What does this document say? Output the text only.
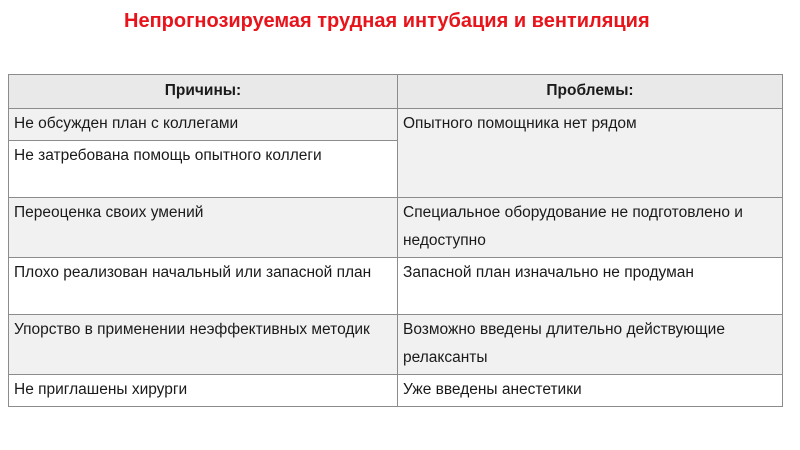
Непрогнозируемая трудная интубация и вентиляция
Причины:	Проблемы:
Не обсужден план с коллегами	Опытного помощника нет рядом
Не затребована помощь опытного коллеги	
Переоценка своих умений	Специальное оборудование не подготовлено и недоступно
Плохо реализован начальный или запасной план	Запасной план изначально не продуман
Упорство в применении неэффективных методик	Возможно введены длительно действующие релаксанты
Не приглашены хирурги	Уже введены анестетики
